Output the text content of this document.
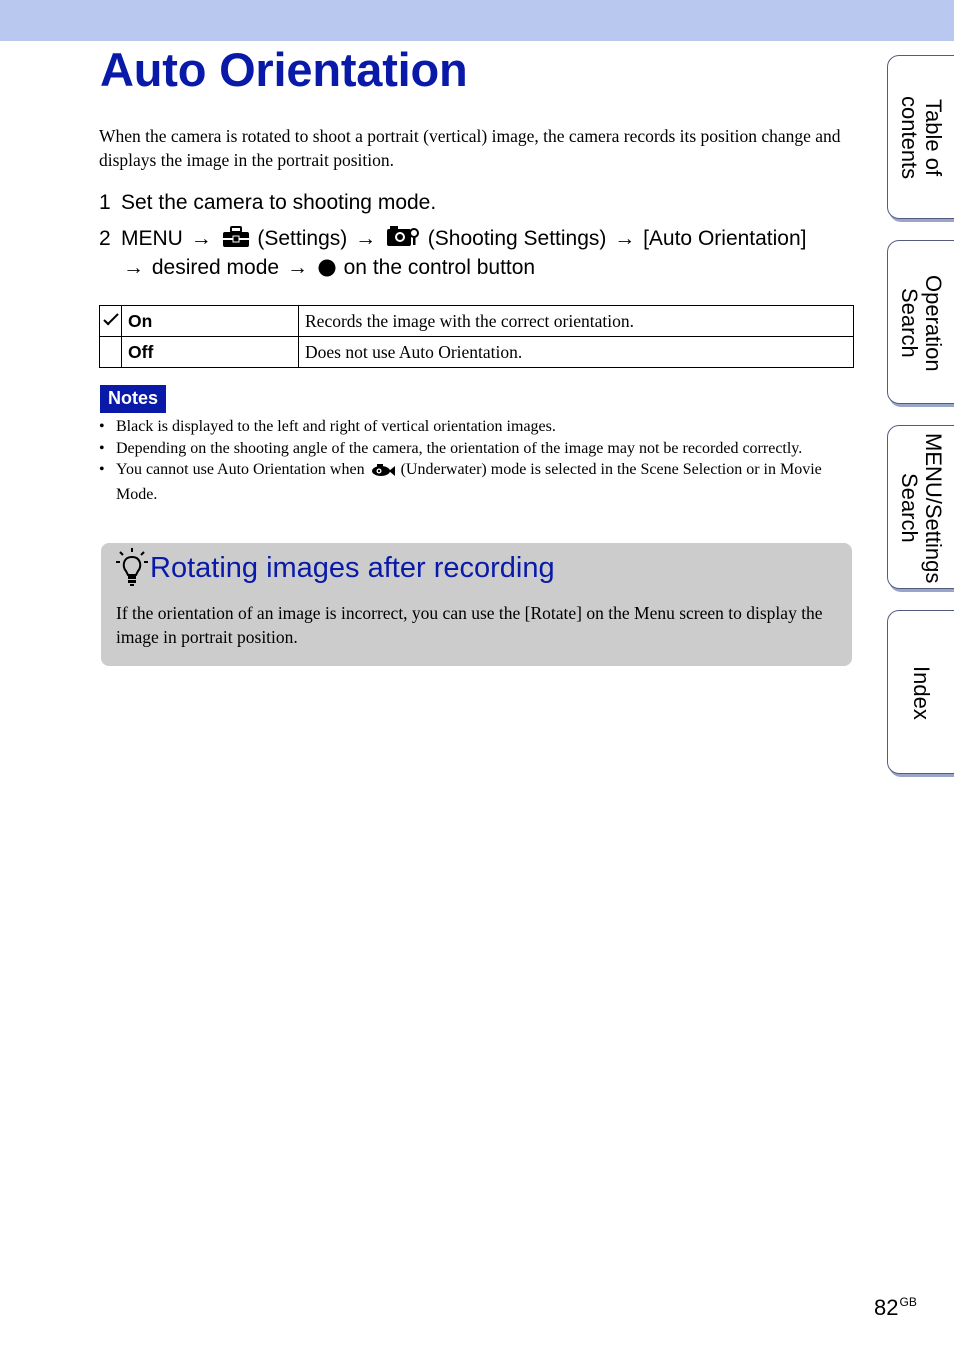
Auto Orientation

When the camera is rotated to shoot a portrait (vertical) image, the camera records its position change and displays the image in the portrait position.

1 Set the camera to shooting mode.

2 MENU → (Settings) → (Shooting Settings) → [Auto Orientation]

→ desired mode → on the control button

	On	Records the image with the correct orientation.
	Off	Does not use Auto Orientation.
Notes
• Black is displayed to the left and right of vertical orientation images.
• Depending on the shooting angle of the camera, the orientation of the image may not be recorded correctly.
• You cannot use Auto Orientation when (Underwater) mode is selected in the Scene Selection or in Movie Mode.
Rotating images after recording

If the orientation of an image is incorrect, you can use the [Rotate] on the Menu screen to display the image in portrait position.

Table of contents
Operation Search
MENU/Settings Search
Index
$82^{GB}$
